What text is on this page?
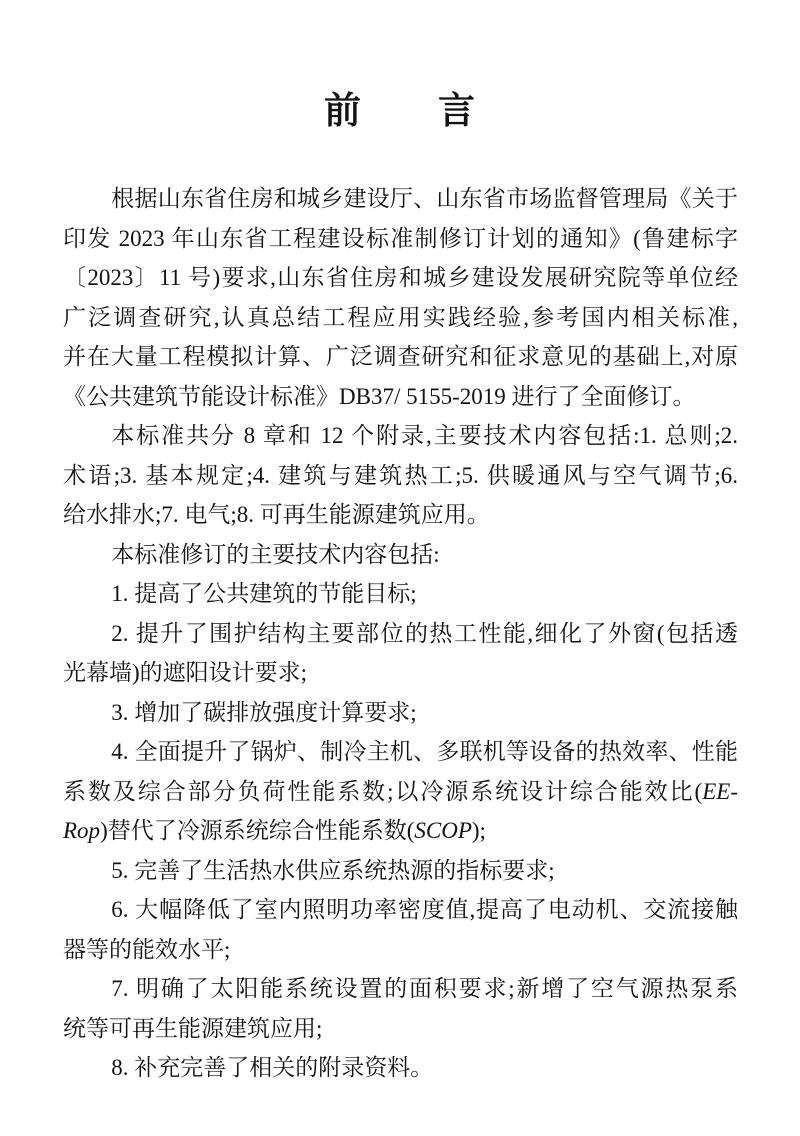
前　　言
根据山东省住房和城乡建设厅、山东省市场监督管理局《关于
印发 2023 年山东省工程建设标准制修订计划的通知》(鲁建标字
〔2023〕11 号)要求,山东省住房和城乡建设发展研究院等单位经
广泛调查研究,认真总结工程应用实践经验,参考国内相关标准,
并在大量工程模拟计算、广泛调查研究和征求意见的基础上,对原
《公共建筑节能设计标准》DB37/ 5155-2019 进行了全面修订。
本标准共分 8 章和 12 个附录,主要技术内容包括:1. 总则;2.
术语;3. 基本规定;4. 建筑与建筑热工;5. 供暖通风与空气调节;6.
给水排水;7. 电气;8. 可再生能源建筑应用。
本标准修订的主要技术内容包括:
1. 提高了公共建筑的节能目标;
2. 提升了围护结构主要部位的热工性能,细化了外窗(包括透
光幕墙)的遮阳设计要求;
3. 增加了碳排放强度计算要求;
4. 全面提升了锅炉、制冷主机、多联机等设备的热效率、性能
系数及综合部分负荷性能系数;以冷源系统设计综合能效比(EE-
Rop)替代了冷源系统综合性能系数(SCOP);
5. 完善了生活热水供应系统热源的指标要求;
6. 大幅降低了室内照明功率密度值,提高了电动机、交流接触
器等的能效水平;
7. 明确了太阳能系统设置的面积要求;新增了空气源热泵系
统等可再生能源建筑应用;
8. 补充完善了相关的附录资料。
